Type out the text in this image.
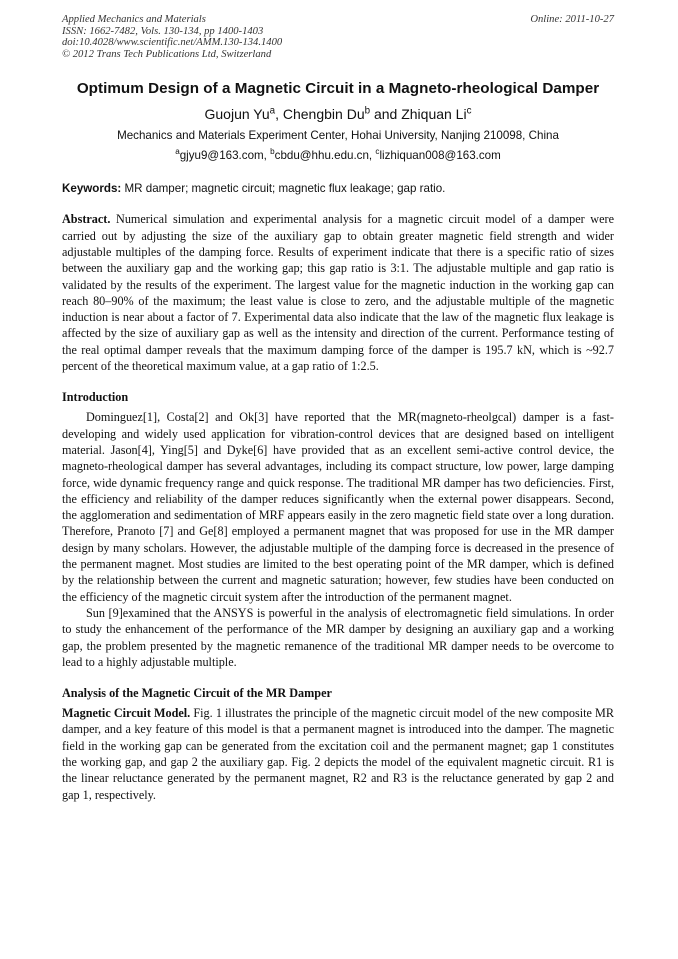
Applied Mechanics and Materials
ISSN: 1662-7482, Vols. 130-134, pp 1400-1403
doi:10.4028/www.scientific.net/AMM.130-134.1400
© 2012 Trans Tech Publications Ltd, Switzerland
Online: 2011-10-27
Optimum Design of a Magnetic Circuit in a Magneto-rheological Damper
Guojun Yu$^a$, Chengbin Du$^b$ and Zhiquan Li$^c$
Mechanics and Materials Experiment Center, Hohai University, Nanjing 210098, China
$^a$gjyu9@163.com, $^b$cbdu@hhu.edu.cn, $^c$lizhiquan008@163.com
Keywords: MR damper; magnetic circuit; magnetic flux leakage; gap ratio.

Abstract. Numerical simulation and experimental analysis for a magnetic circuit model of a damper were carried out by adjusting the size of the auxiliary gap to obtain greater magnetic field strength and wider adjustable multiples of the damping force. Results of experiment indicate that there is a specific ratio of sizes between the auxiliary gap and the working gap; this gap ratio is 3:1. The adjustable multiple and gap ratio is validated by the results of the experiment. The largest value for the magnetic induction in the working gap can reach 80–90% of the maximum; the least value is close to zero, and the adjustable multiple of the magnetic induction is near about a factor of 7. Experimental data also indicate that the law of the magnetic flux leakage is affected by the size of auxiliary gap as well as the intensity and direction of the current. Performance testing of the real optimal damper reveals that the maximum damping force of the damper is 195.7 kN, which is ~92.7 percent of the theoretical maximum value, at a gap ratio of 1:2.5.

Introduction

Dominguez[1], Costa[2] and Ok[3] have reported that the MR(magneto-rheolgcal) damper is a fast-developing and widely used application for vibration-control devices that are designed based on intelligent material. Jason[4], Ying[5] and Dyke[6] have provided that as an excellent semi-active control device, the magneto-rheological damper has several advantages, including its compact structure, low power, large damping force, wide dynamic frequency range and quick response. The traditional MR damper has two deficiencies. First, the efficiency and reliability of the damper reduces significantly when the external power disappears. Second, the agglomeration and sedimentation of MRF appears easily in the zero magnetic field state over a long duration. Therefore, Pranoto [7] and Ge[8] employed a permanent magnet that was proposed for use in the MR damper design by many scholars. However, the adjustable multiple of the damping force is decreased in the presence of the permanent magnet. Most studies are limited to the best operating point of the MR damper, which is defined by the relationship between the current and magnetic saturation; however, few studies have been conducted on the efficiency of the magnetic circuit system after the introduction of the permanent magnet.

Sun [9]examined that the ANSYS is powerful in the analysis of electromagnetic field simulations. In order to study the enhancement of the performance of the MR damper by designing an auxiliary gap and a working gap, the problem presented by the magnetic remanence of the traditional MR damper needs to be overcome to lead to a highly adjustable multiple.

Analysis of the Magnetic Circuit of the MR Damper

Magnetic Circuit Model. Fig. 1 illustrates the principle of the magnetic circuit model of the new composite MR damper, and a key feature of this model is that a permanent magnet is introduced into the damper. The magnetic field in the working gap can be generated from the excitation coil and the permanent magnet; gap 1 constitutes the working gap, and gap 2 the auxiliary gap. Fig. 2 depicts the model of the equivalent magnetic circuit. R1 is the linear reluctance generated by the permanent magnet, R2 and R3 is the reluctance generated by gap 2 and gap 1, respectively.
